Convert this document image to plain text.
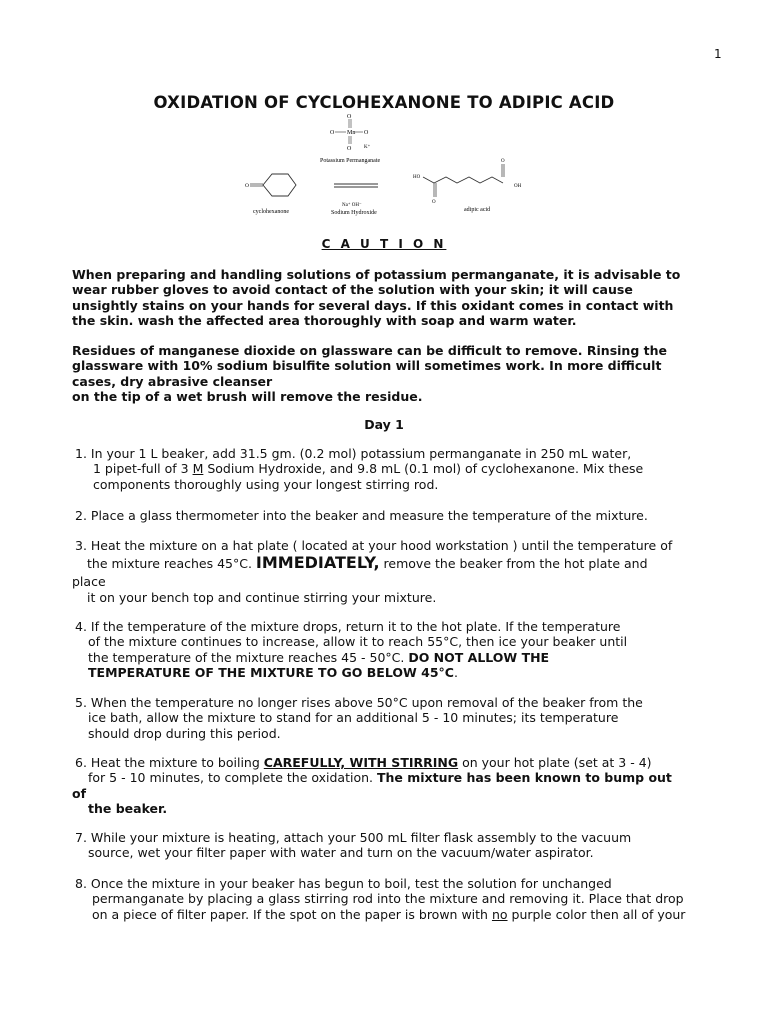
1
OXIDATION OF CYCLOHEXANONE TO ADIPIC ACID
Mn
O
O
O	O
K⁺
Potassium Permanganate
O
cyclohexanone
Na⁺ OH⁻
Sodium Hydroxide
HO
O
O
OH
adipic acid
C A U T I O N
When preparing and handling solutions of potassium permanganate, it is advisable to
wear rubber gloves to avoid contact of the solution with your skin; it will cause
unsightly stains on your hands for several days. If this oxidant comes in contact with
the skin. wash the affected area thoroughly with soap and warm water.
Residues of manganese dioxide on glassware can be difficult to remove. Rinsing the
glassware with 10% sodium bisulfite solution will sometimes work. In more difficult
cases, dry abrasive cleanser
on the tip of a wet brush will remove the residue.
Day 1
1. In your 1 L beaker, add 31.5 gm. (0.2 mol) potassium permanganate in 250 mL water,
1 pipet-full of 3 M Sodium Hydroxide, and 9.8 mL (0.1 mol) of cyclohexanone. Mix these
components thoroughly using your longest stirring rod.
2. Place a glass thermometer into the beaker and measure the temperature of the mixture.
3. Heat the mixture on a hat plate ( located at your hood workstation ) until the temperature of
the mixture reaches 45°C. IMMEDIATELY, remove the beaker from the hot plate and
place
it on your bench top and continue stirring your mixture.
4. If the temperature of the mixture drops, return it to the hot plate. If the temperature
of the mixture continues to increase, allow it to reach 55°C, then ice your beaker until
the temperature of the mixture reaches 45 - 50°C. DO NOT ALLOW THE
TEMPERATURE OF THE MIXTURE TO GO BELOW 45°C.
5. When the temperature no longer rises above 50°C upon removal of the beaker from the
ice bath, allow the mixture to stand for an additional 5 - 10 minutes; its temperature
should drop during this period.
6. Heat the mixture to boiling CAREFULLY, WITH STIRRING on your hot plate (set at 3 - 4)
for 5 - 10 minutes, to complete the oxidation. The mixture has been known to bump out
of
the beaker.
7. While your mixture is heating, attach your 500 mL filter flask assembly to the vacuum
source, wet your filter paper with water and turn on the vacuum/water aspirator.
8. Once the mixture in your beaker has begun to boil, test the solution for unchanged
permanganate by placing a glass stirring rod into the mixture and removing it. Place that drop
on a piece of filter paper. If the spot on the paper is brown with no purple color then all of your
